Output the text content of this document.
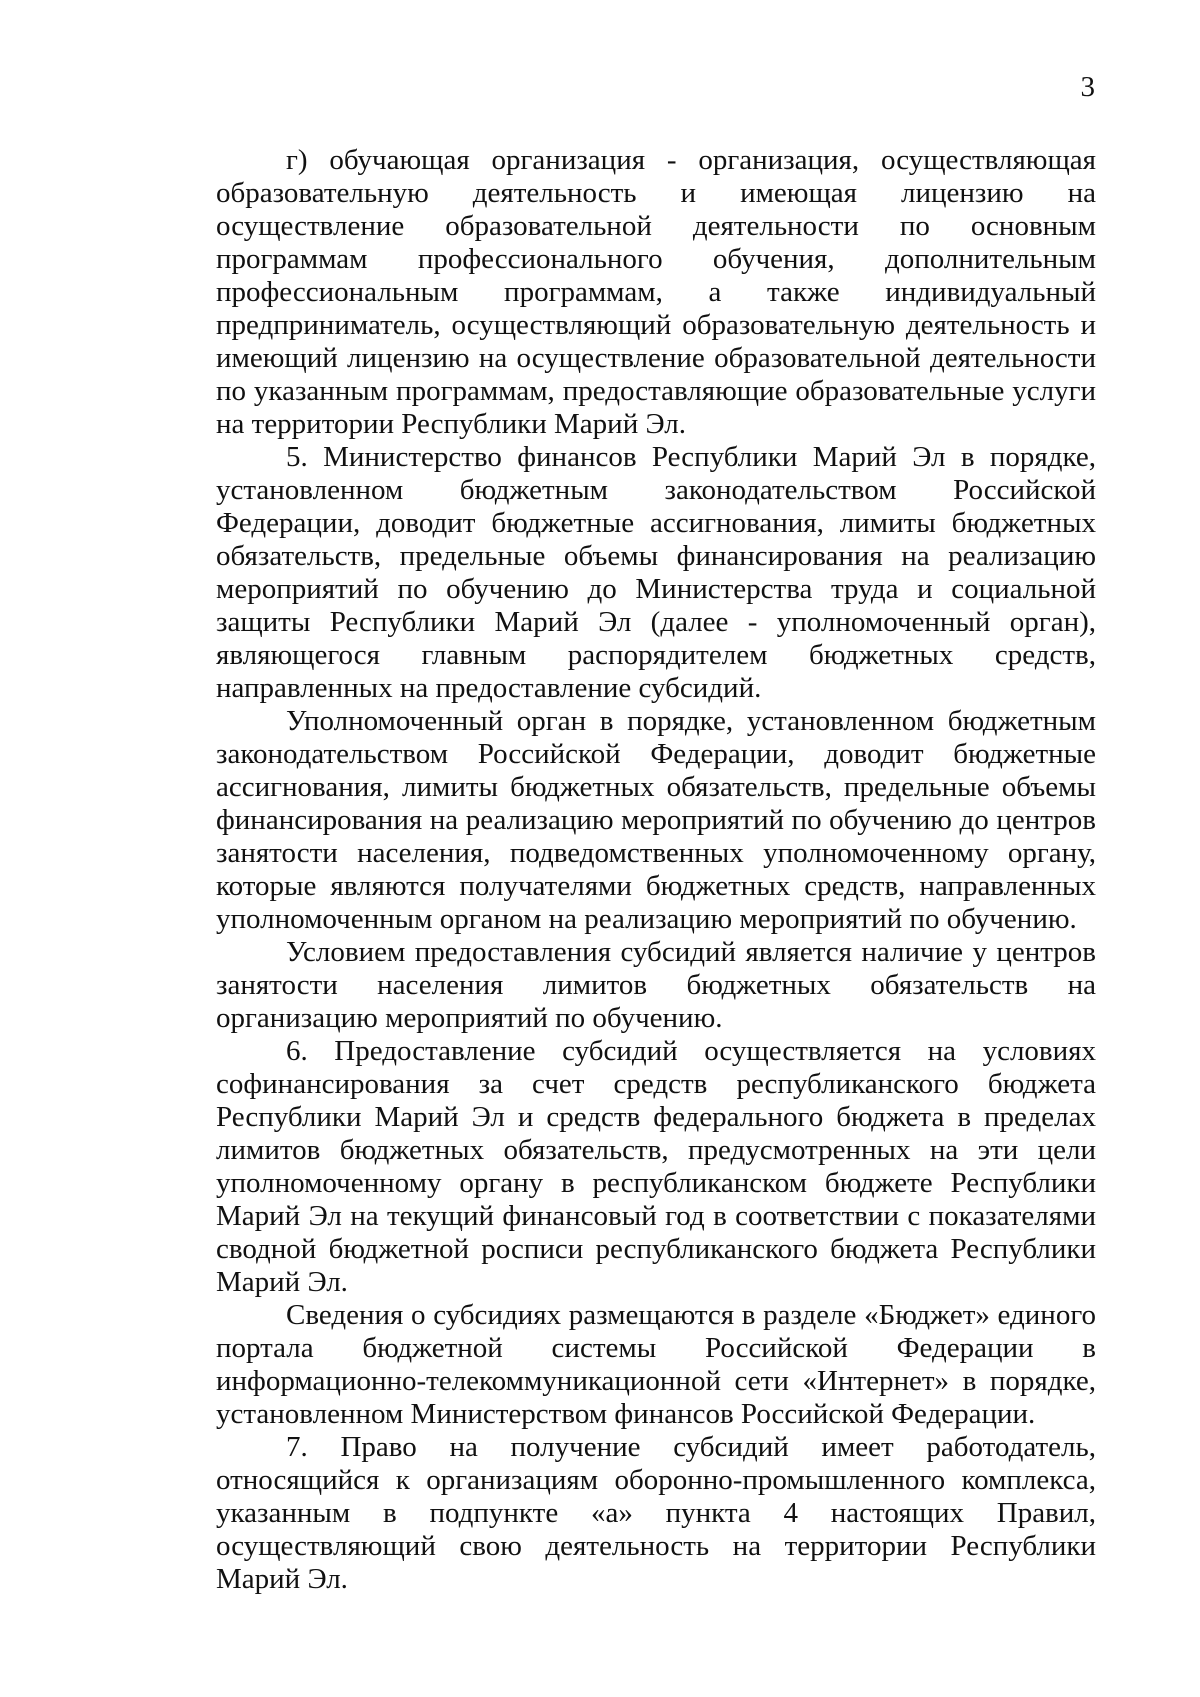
3

г) обучающая организация - организация, осуществляющая образовательную деятельность и имеющая лицензию на осуществление образовательной деятельности по основным программам профессионального обучения, дополнительным профессиональным программам, а также индивидуальный предприниматель, осуществляющий образовательную деятельность и имеющий лицензию на осуществление образовательной деятельности по указанным программам, предоставляющие образовательные услуги на территории Республики Марий Эл.

5. Министерство финансов Республики Марий Эл в порядке, установленном бюджетным законодательством Российской Федерации, доводит бюджетные ассигнования, лимиты бюджетных обязательств, предельные объемы финансирования на реализацию мероприятий по обучению до Министерства труда и социальной защиты Республики Марий Эл (далее - уполномоченный орган), являющегося главным распорядителем бюджетных средств, направленных на предоставление субсидий.

Уполномоченный орган в порядке, установленном бюджетным законодательством Российской Федерации, доводит бюджетные ассигнования, лимиты бюджетных обязательств, предельные объемы финансирования на реализацию мероприятий по обучению до центров занятости населения, подведомственных уполномоченному органу, которые являются получателями бюджетных средств, направленных уполномоченным органом на реализацию мероприятий по обучению.

Условием предоставления субсидий является наличие у центров занятости населения лимитов бюджетных обязательств на организацию мероприятий по обучению.

6. Предоставление субсидий осуществляется на условиях софинансирования за счет средств республиканского бюджета Республики Марий Эл и средств федерального бюджета в пределах лимитов бюджетных обязательств, предусмотренных на эти цели уполномоченному органу в республиканском бюджете Республики Марий Эл на текущий финансовый год в соответствии с показателями сводной бюджетной росписи республиканского бюджета Республики Марий Эл.

Сведения о субсидиях размещаются в разделе «Бюджет» единого портала бюджетной системы Российской Федерации в информационно-телекоммуникационной сети «Интернет» в порядке, установленном Министерством финансов Российской Федерации.

7. Право на получение субсидий имеет работодатель, относящийся к организациям оборонно-промышленного комплекса, указанным в подпункте «а» пункта 4 настоящих Правил, осуществляющий свою деятельность на территории Республики Марий Эл.
